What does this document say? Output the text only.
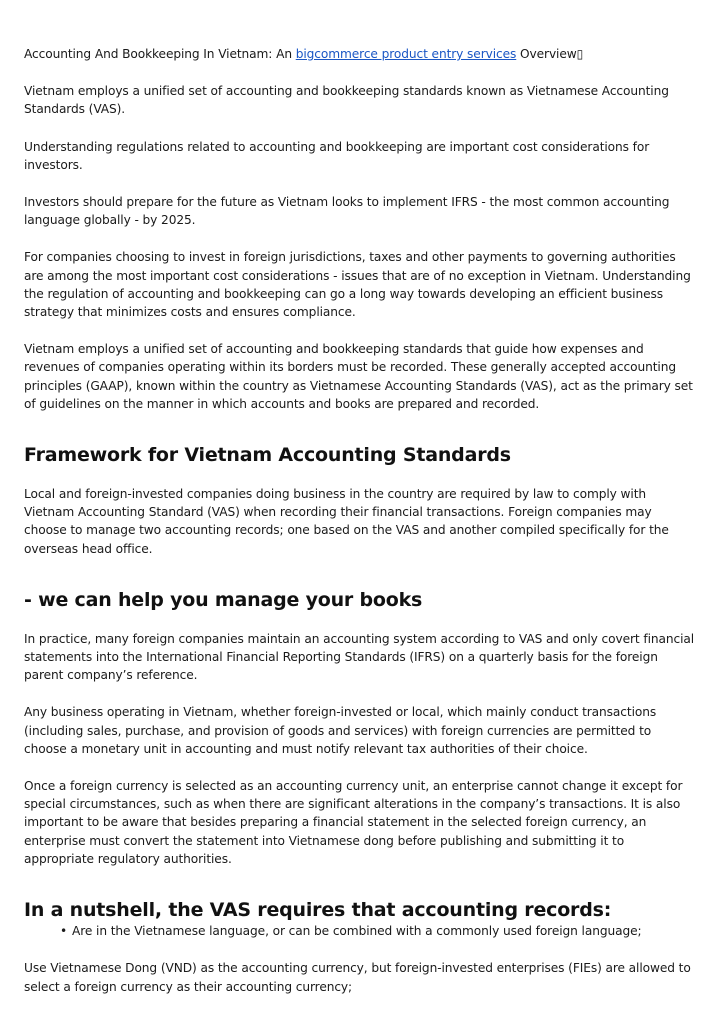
Accounting And Bookkeeping In Vietnam: An bigcommerce product entry services Overview▯

Vietnam employs a unified set of accounting and bookkeeping standards known as Vietnamese Accounting Standards (VAS).

Understanding regulations related to accounting and bookkeeping are important cost considerations for investors.

Investors should prepare for the future as Vietnam looks to implement IFRS - the most common accounting language globally - by 2025.

For companies choosing to invest in foreign jurisdictions, taxes and other payments to governing authorities are among the most important cost considerations - issues that are of no exception in Vietnam. Understanding the regulation of accounting and bookkeeping can go a long way towards developing an efficient business strategy that minimizes costs and ensures compliance.

Vietnam employs a unified set of accounting and bookkeeping standards that guide how expenses and revenues of companies operating within its borders must be recorded. These generally accepted accounting principles (GAAP), known within the country as Vietnamese Accounting Standards (VAS), act as the primary set of guidelines on the manner in which accounts and books are prepared and recorded.

Framework for Vietnam Accounting Standards

Local and foreign-invested companies doing business in the country are required by law to comply with Vietnam Accounting Standard (VAS) when recording their financial transactions. Foreign companies may choose to manage two accounting records; one based on the VAS and another compiled specifically for the overseas head office.

- we can help you manage your books

In practice, many foreign companies maintain an accounting system according to VAS and only covert financial statements into the International Financial Reporting Standards (IFRS) on a quarterly basis for the foreign parent company’s reference.

Any business operating in Vietnam, whether foreign-invested or local, which mainly conduct transactions (including sales, purchase, and provision of goods and services) with foreign currencies are permitted to choose a monetary unit in accounting and must notify relevant tax authorities of their choice.

Once a foreign currency is selected as an accounting currency unit, an enterprise cannot change it except for special circumstances, such as when there are significant alterations in the company’s transactions. It is also important to be aware that besides preparing a financial statement in the selected foreign currency, an enterprise must convert the statement into Vietnamese dong before publishing and submitting it to appropriate regulatory authorities.

In a nutshell, the VAS requires that accounting records:
• Are in the Vietnamese language, or can be combined with a commonly used foreign language;

Use Vietnamese Dong (VND) as the accounting currency, but foreign-invested enterprises (FIEs) are allowed to select a foreign currency as their accounting currency;
